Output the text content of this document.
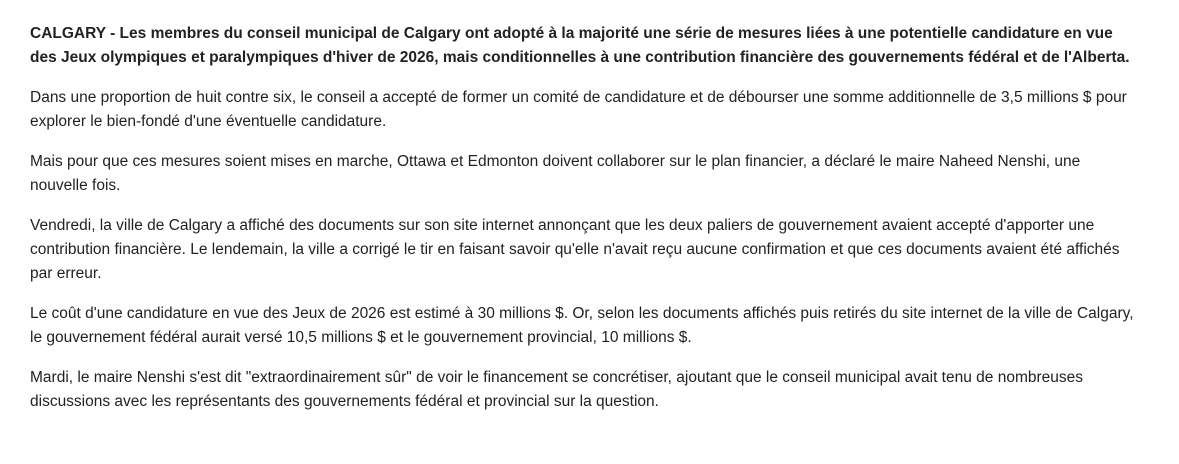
CALGARY - Les membres du conseil municipal de Calgary ont adopté à la majorité une série de mesures liées à une potentielle candidature en vue des Jeux olympiques et paralympiques d'hiver de 2026, mais conditionnelles à une contribution financière des gouvernements fédéral et de l'Alberta.

Dans une proportion de huit contre six, le conseil a accepté de former un comité de candidature et de débourser une somme additionnelle de 3,5 millions $ pour explorer le bien-fondé d'une éventuelle candidature.

Mais pour que ces mesures soient mises en marche, Ottawa et Edmonton doivent collaborer sur le plan financier, a déclaré le maire Naheed Nenshi, une nouvelle fois.

Vendredi, la ville de Calgary a affiché des documents sur son site internet annonçant que les deux paliers de gouvernement avaient accepté d'apporter une contribution financière. Le lendemain, la ville a corrigé le tir en faisant savoir qu'elle n'avait reçu aucune confirmation et que ces documents avaient été affichés par erreur.

Le coût d'une candidature en vue des Jeux de 2026 est estimé à 30 millions $. Or, selon les documents affichés puis retirés du site internet de la ville de Calgary, le gouvernement fédéral aurait versé 10,5 millions $ et le gouvernement provincial, 10 millions $.

Mardi, le maire Nenshi s'est dit "extraordinairement sûr" de voir le financement se concrétiser, ajoutant que le conseil municipal avait tenu de nombreuses discussions avec les représentants des gouvernements fédéral et provincial sur la question.
